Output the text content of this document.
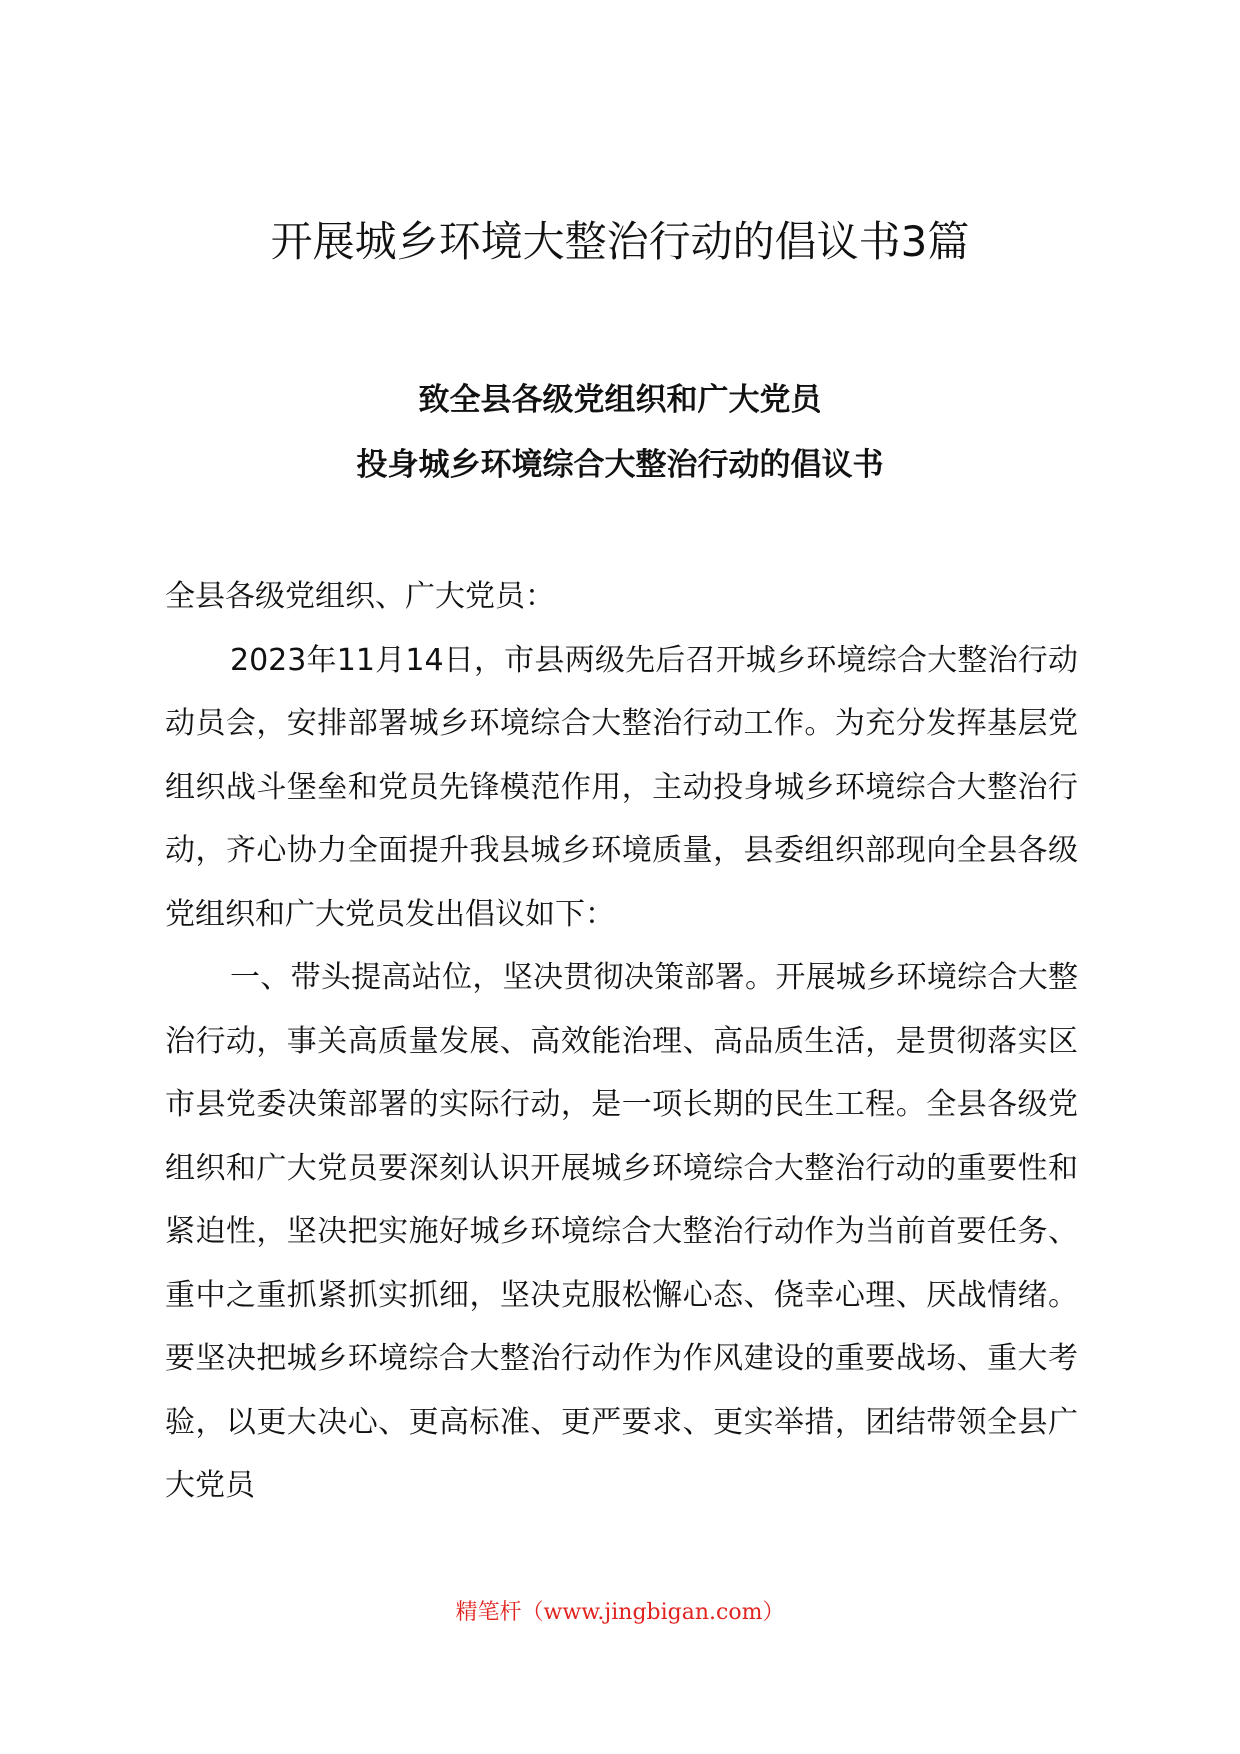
开展城乡环境大整治行动的倡议书3篇
致全县各级党组织和广大党员
投身城乡环境综合大整治行动的倡议书

全县各级党组织、广大党员：

2023年11月14日，市县两级先后召开城乡环境综合大整治行动动员会，安排部署城乡环境综合大整治行动工作。为充分发挥基层党组织战斗堡垒和党员先锋模范作用，主动投身城乡环境综合大整治行动，齐心协力全面提升我县城乡环境质量，县委组织部现向全县各级党组织和广大党员发出倡议如下：

一、带头提高站位，坚决贯彻决策部署。开展城乡环境综合大整治行动，事关高质量发展、高效能治理、高品质生活，是贯彻落实区市县党委决策部署的实际行动，是一项长期的民生工程。全县各级党组织和广大党员要深刻认识开展城乡环境综合大整治行动的重要性和紧迫性，坚决把实施好城乡环境综合大整治行动作为当前首要任务、重中之重抓紧抓实抓细，坚决克服松懈心态、侥幸心理、厌战情绪。要坚决把城乡环境综合大整治行动作为作风建设的重要战场、重大考验，以更大决心、更高标准、更严要求、更实举措，团结带领全县广大党员

精笔杆（www.jingbigan.com）
